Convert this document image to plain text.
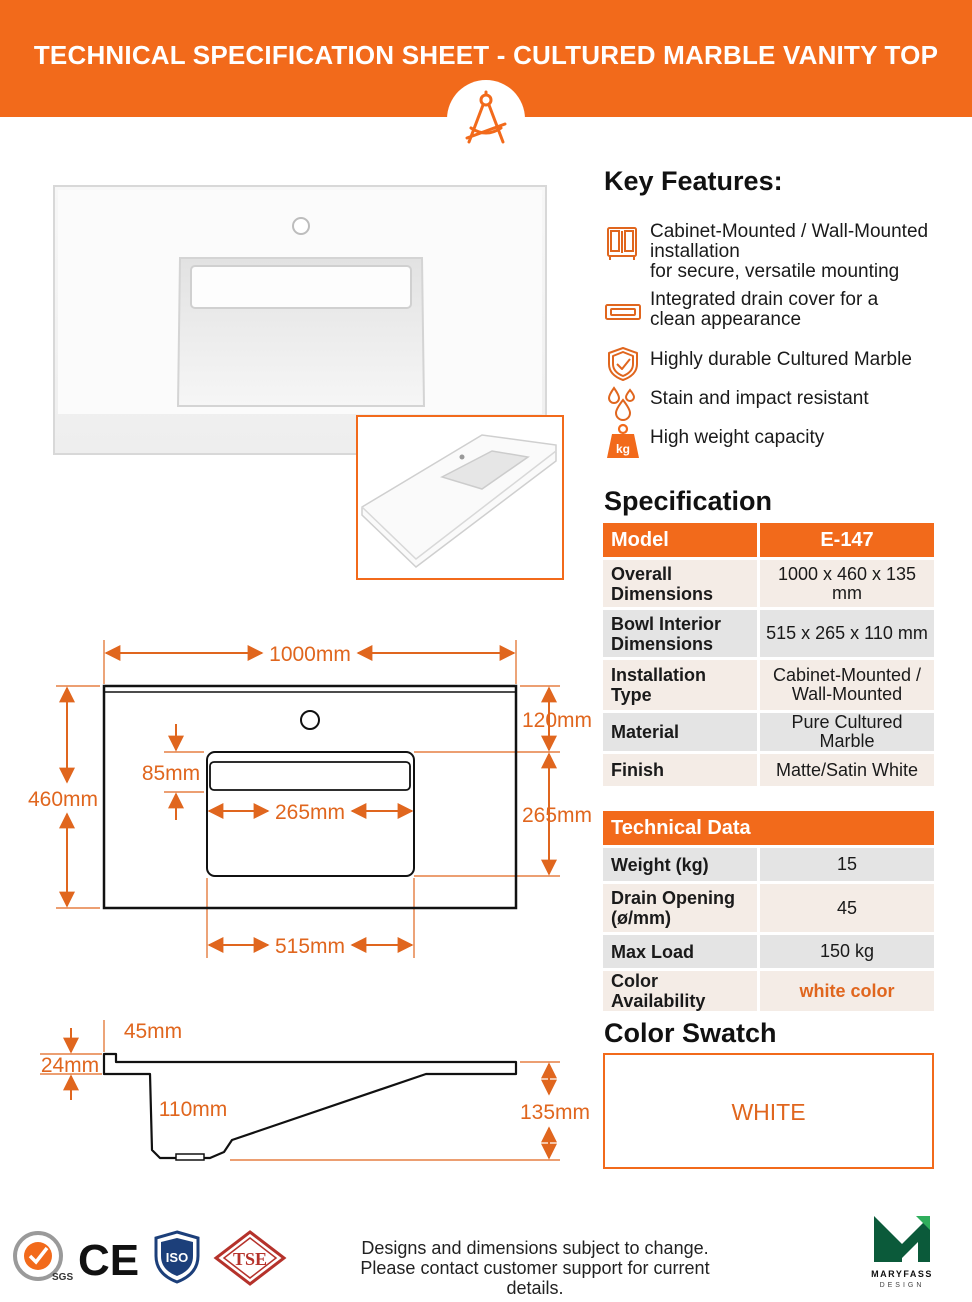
TECHNICAL SPECIFICATION SHEET - CULTURED MARBLE VANITY TOP
1000mm
460mm
120mm
265mm
85mm
265mm
515mm
45mm
24mm
110mm	135mm
Key Features:
Cabinet-Mounted / Wall-Mounted
installation
for secure, versatile mounting
Integrated drain cover for a
clean appearance
Highly durable Cultured Marble
Stain and impact resistant
kg
High weight capacity
Specification
Model	E-147
Overall
Dimensions	1000 x 460 x 135 mm
Bowl Interior
Dimensions	515 x 265 x 110 mm
Installation Type	Cabinet-Mounted /
Wall-Mounted
Material	Pure Cultured Marble
Finish	Matte/Satin White
Technical Data	
Weight (kg)	15
Drain Opening
(ø/mm)	45
Max Load	150 kg
Color Availability	white color
Color Swatch
WHITE
SGS CE ISO TSE
Designs and dimensions subject to change.
Please contact customer support for current details.
MARYFASS
DESIGN
